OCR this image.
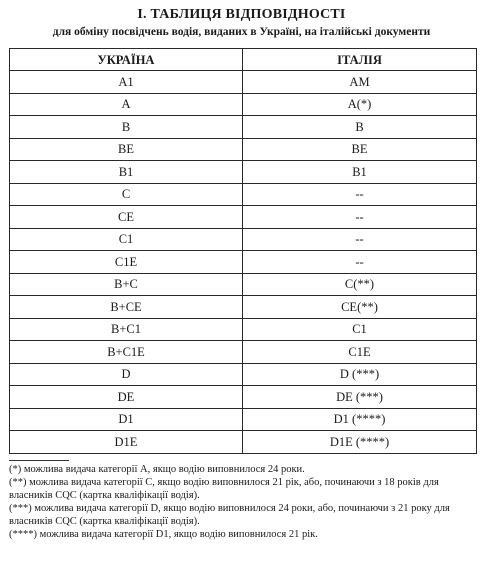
I. ТАБЛИЦЯ ВІДПОВІДНОСТІ
для обміну посвідчень водія, виданих в Україні, на італійські документи
УКРАЇНА	ІТАЛІЯ
A1	AM
A	A(*)
B	B
BE	BE
B1	B1
C	--
CE	--
C1	--
C1E	--
B+C	C(**)
B+CE	CE(**)
B+C1	C1
B+C1E	C1E
D	D (***)
DE	DE (***)
D1	D1 (****)
D1E	D1E (****)

(*) можлива видача категорії A, якщо водію виповнилося 24 роки.

(**) можлива видача категорії C, якщо водію виповнилося 21 рік, або, починаючи з 18 років для власників CQC (картка кваліфікації водія).

(***) можлива видача категорії D, якщо водію виповнилося 24 роки, або, починаючи з 21 року для власників CQC (картка кваліфікації водія).

(****) можлива видача категорії D1, якщо водію виповнилося 21 рік.
